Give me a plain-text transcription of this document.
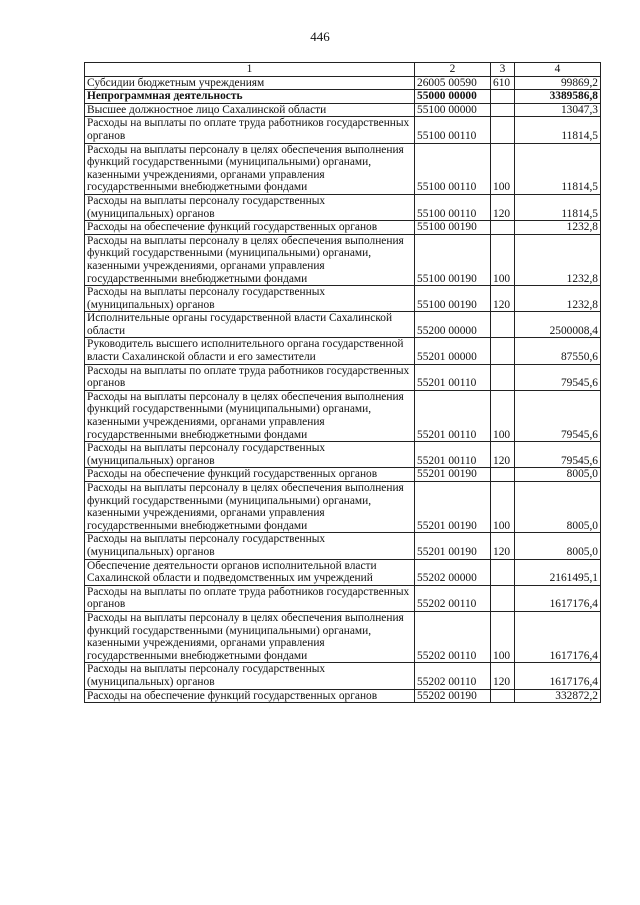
446
1	2	3	4
Субсидии бюджетным учреждениям	26005 00590	610	99869,2
Непрограммная деятельность	55000 00000		3389586,8
Высшее должностное лицо Сахалинской области	55100 00000		13047,3
Расходы на выплаты по оплате труда работников государственных органов	55100 00110		11814,5
Расходы на выплаты персоналу в целях обеспечения выполнения функций государственными (муниципальными) органами, казенными учреждениями, органами управления государственными внебюджетными фондами	55100 00110	100	11814,5
Расходы на выплаты персоналу государственных (муниципальных) органов	55100 00110	120	11814,5
Расходы на обеспечение функций государственных органов	55100 00190		1232,8
Расходы на выплаты персоналу в целях обеспечения выполнения функций государственными (муниципальными) органами, казенными учреждениями, органами управления государственными внебюджетными фондами	55100 00190	100	1232,8
Расходы на выплаты персоналу государственных (муниципальных) органов	55100 00190	120	1232,8
Исполнительные органы государственной власти Сахалинской области	55200 00000		2500008,4
Руководитель высшего исполнительного органа государственной власти Сахалинской области и его заместители	55201 00000		87550,6
Расходы на выплаты по оплате труда работников государственных органов	55201 00110		79545,6
Расходы на выплаты персоналу в целях обеспечения выполнения функций государственными (муниципальными) органами, казенными учреждениями, органами управления государственными внебюджетными фондами	55201 00110	100	79545,6
Расходы на выплаты персоналу государственных (муниципальных) органов	55201 00110	120	79545,6
Расходы на обеспечение функций государственных органов	55201 00190		8005,0
Расходы на выплаты персоналу в целях обеспечения выполнения функций государственными (муниципальными) органами, казенными учреждениями, органами управления государственными внебюджетными фондами	55201 00190	100	8005,0
Расходы на выплаты персоналу государственных (муниципальных) органов	55201 00190	120	8005,0
Обеспечение деятельности органов исполнительной власти Сахалинской области и подведомственных им учреждений	55202 00000		2161495,1
Расходы на выплаты по оплате труда работников государственных органов	55202 00110		1617176,4
Расходы на выплаты персоналу в целях обеспечения выполнения функций государственными (муниципальными) органами, казенными учреждениями, органами управления государственными внебюджетными фондами	55202 00110	100	1617176,4
Расходы на выплаты персоналу государственных (муниципальных) органов	55202 00110	120	1617176,4
Расходы на обеспечение функций государственных органов	55202 00190		332872,2
